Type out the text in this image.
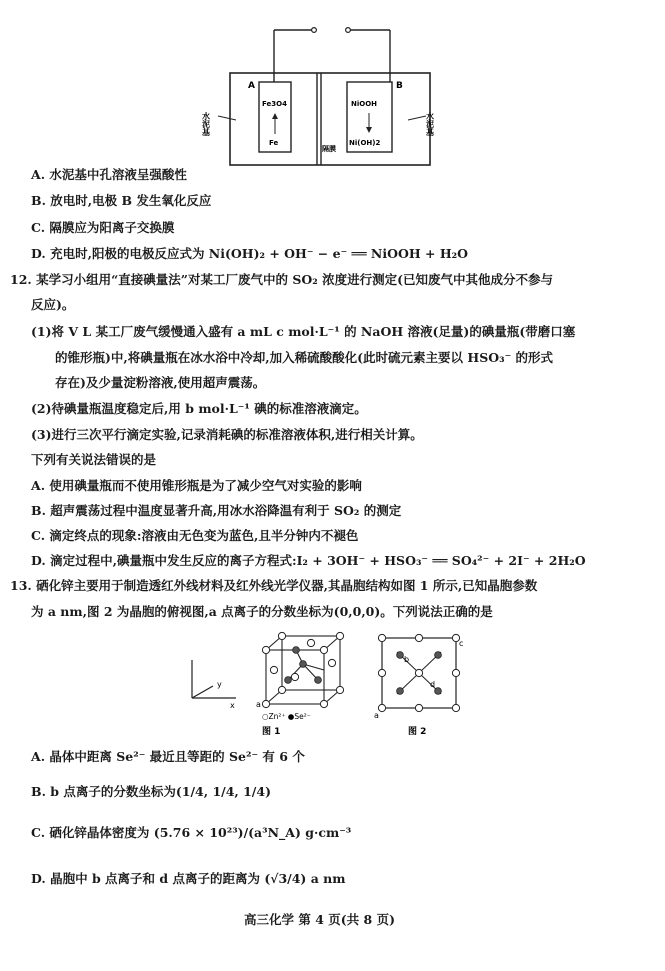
A	B
Fe3O4
Fe
NiOOH
Ni(OH)2
隔膜
水泥基	水泥基
A. 水泥基中孔溶液呈强酸性
B. 放电时,电极 B 发生氧化反应
C. 隔膜应为阳离子交换膜
D. 充电时,阳极的电极反应式为 Ni(OH)₂ + OH⁻ − e⁻ ══ NiOOH + H₂O
12. 某学习小组用“直接碘量法”对某工厂废气中的 SO₂ 浓度进行测定(已知废气中其他成分不参与
反应)。
(1)将 V L 某工厂废气缓慢通入盛有 a mL c mol·L⁻¹ 的 NaOH 溶液(足量)的碘量瓶(带磨口塞
的锥形瓶)中,将碘量瓶在冰水浴中冷却,加入稀硫酸酸化(此时硫元素主要以 HSO₃⁻ 的形式
存在)及少量淀粉溶液,使用超声震荡。
(2)待碘量瓶温度稳定后,用 b mol·L⁻¹ 碘的标准溶液滴定。
(3)进行三次平行滴定实验,记录消耗碘的标准溶液体积,进行相关计算。
下列有关说法错误的是
A. 使用碘量瓶而不使用锥形瓶是为了减少空气对实验的影响
B. 超声震荡过程中温度显著升高,用冰水浴降温有利于 SO₂ 的测定
C. 滴定终点的现象:溶液由无色变为蓝色,且半分钟内不褪色
D. 滴定过程中,碘量瓶中发生反应的离子方程式:I₂ + 3OH⁻ + HSO₃⁻ ══ SO₄²⁻ + 2I⁻ + 2H₂O
13. 硒化锌主要用于制造透红外线材料及红外线光学仪器,其晶胞结构如图 1 所示,已知晶胞参数
为 a nm,图 2 为晶胞的俯视图,a 点离子的分数坐标为(0,0,0)。下列说法正确的是
x
y
a
b
c
d
a
○Zn²⁺ ●Se²⁻
图 1	图 2
A. 晶体中距离 Se²⁻ 最近且等距的 Se²⁻ 有 6 个
B. b 点离子的分数坐标为(1/4, 1/4, 1/4)
C. 硒化锌晶体密度为 (5.76 × 10²³)/(a³N_A) g·cm⁻³
D. 晶胞中 b 点离子和 d 点离子的距离为 (√3/4) a nm
高三化学 第 4 页(共 8 页)
